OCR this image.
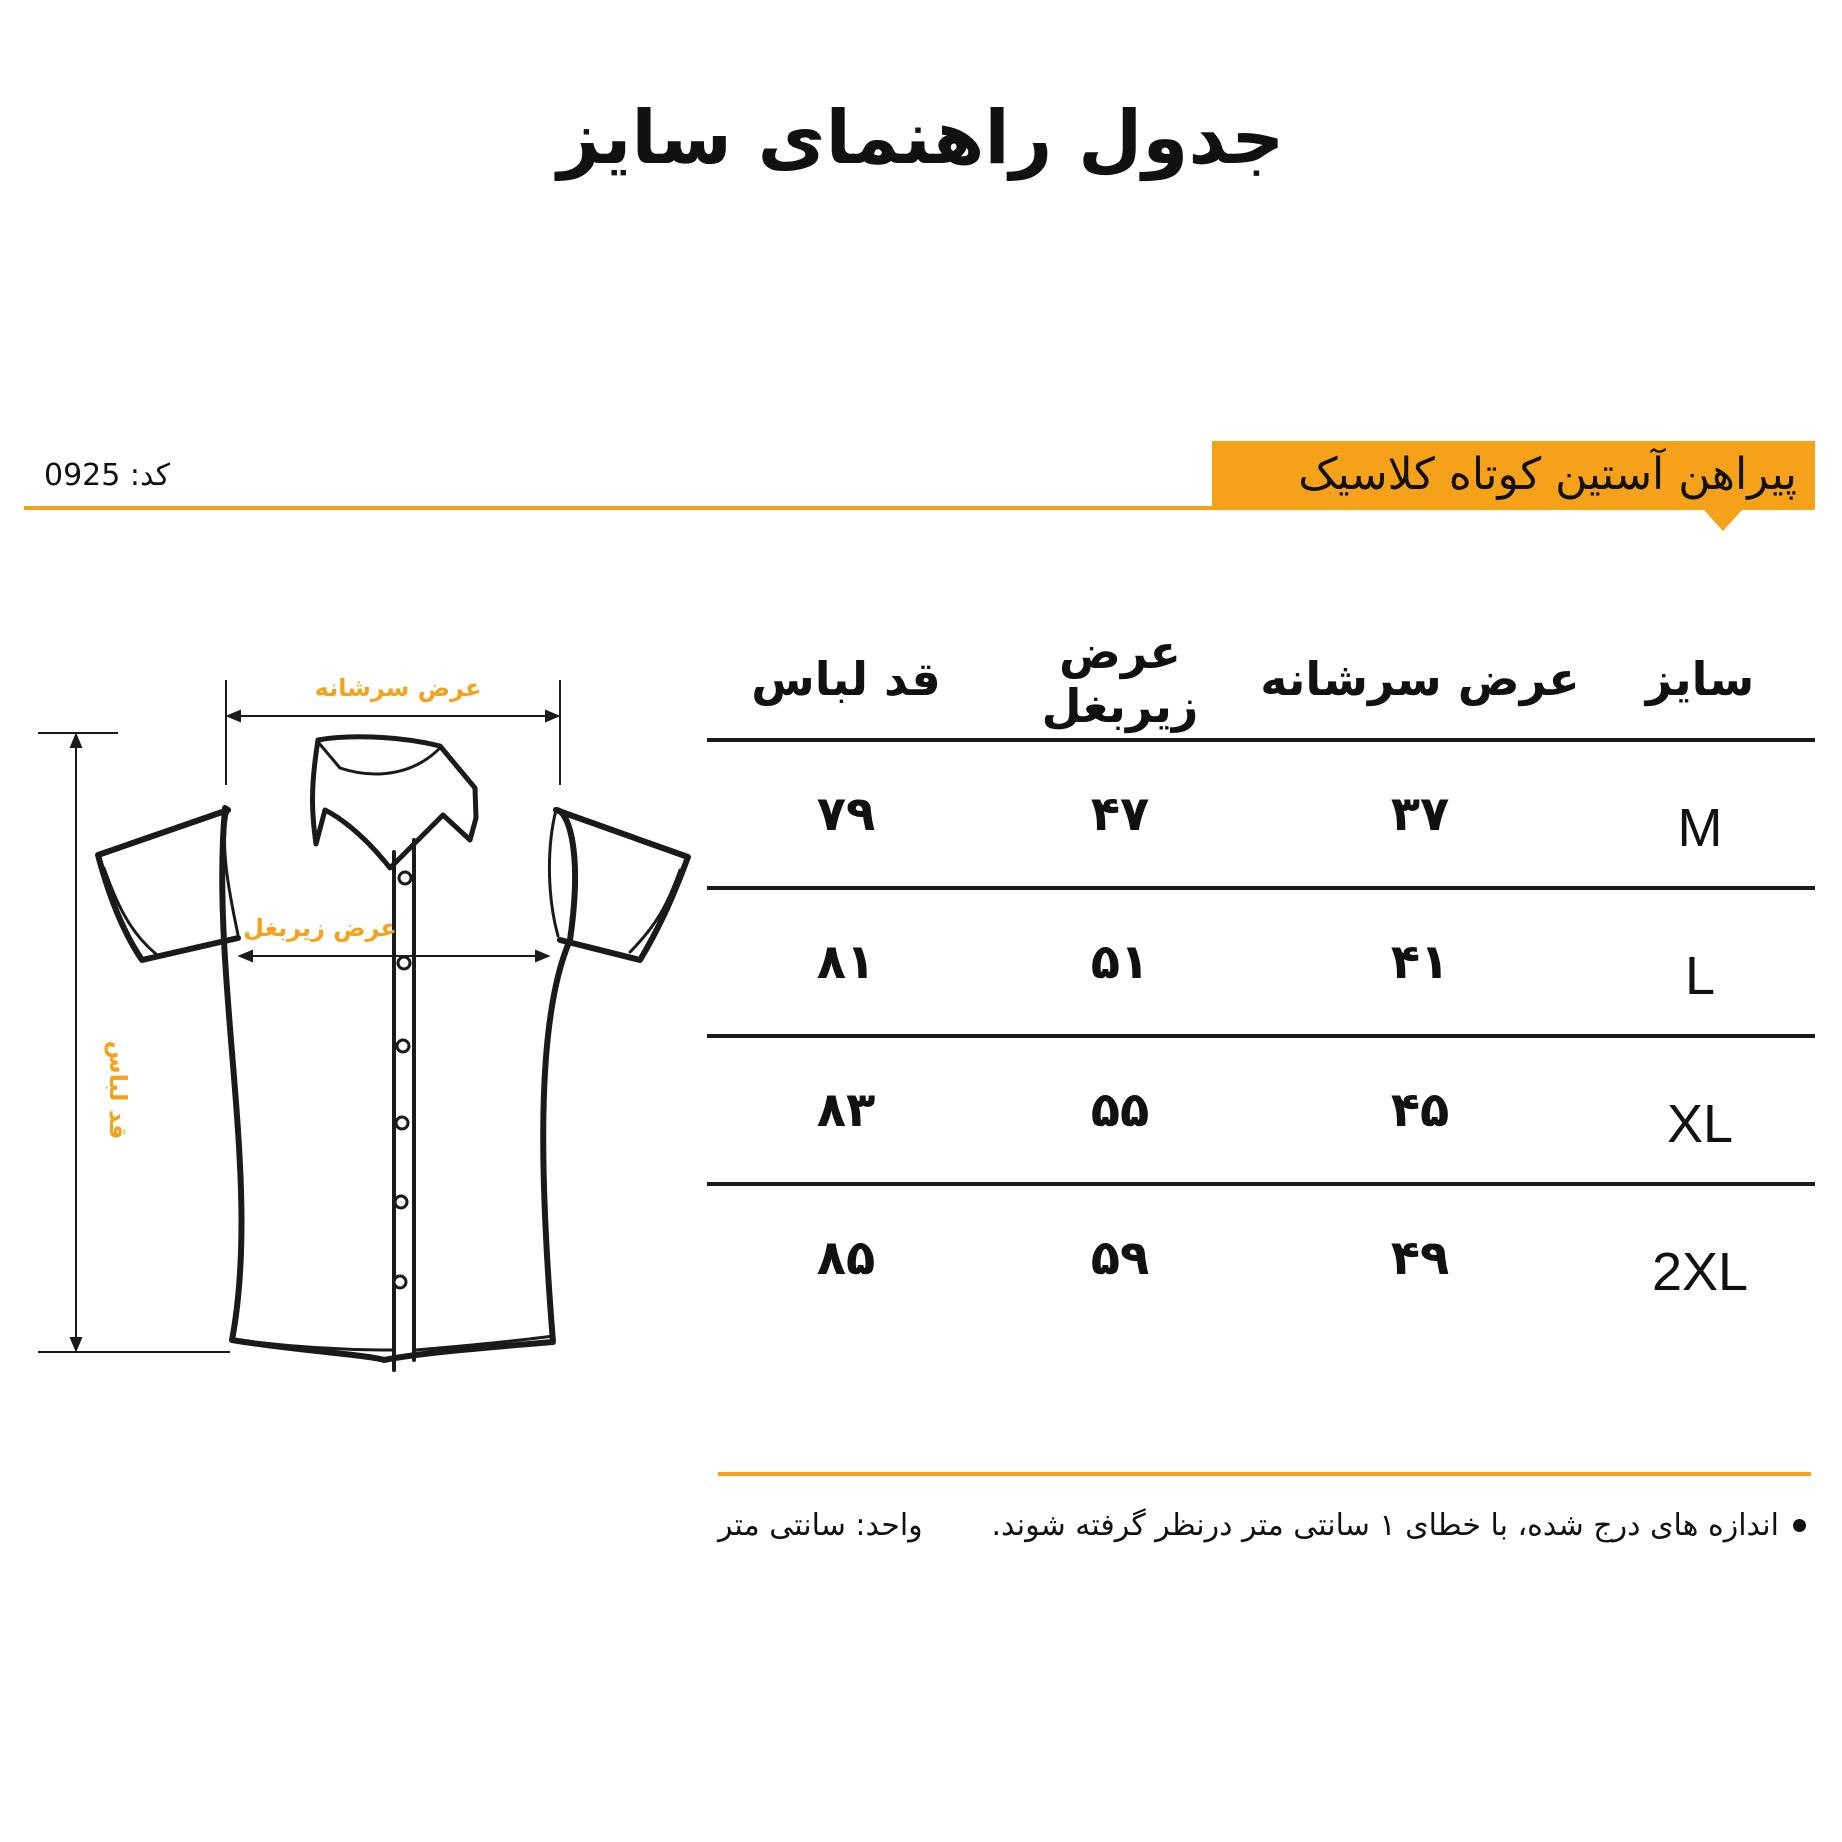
جدول راهنمای سایز
کد: 0925	پیراهن آستین کوتاه کلاسیک
عرض سرشانه
عرض زیربغل
قد لباس
سایز
عرض سرشانه
عرض زیربغل
قد لباس
M
۳۷
۴۷
۷۹
L
۴۱
۵۱
۸۱
XL
۴۵
۵۵
۸۳
2XL
۴۹
۵۹
۸۵
اندازه های درج شده، با خطای ۱ سانتی متر درنظر گرفته شوند.
واحد: سانتی متر
